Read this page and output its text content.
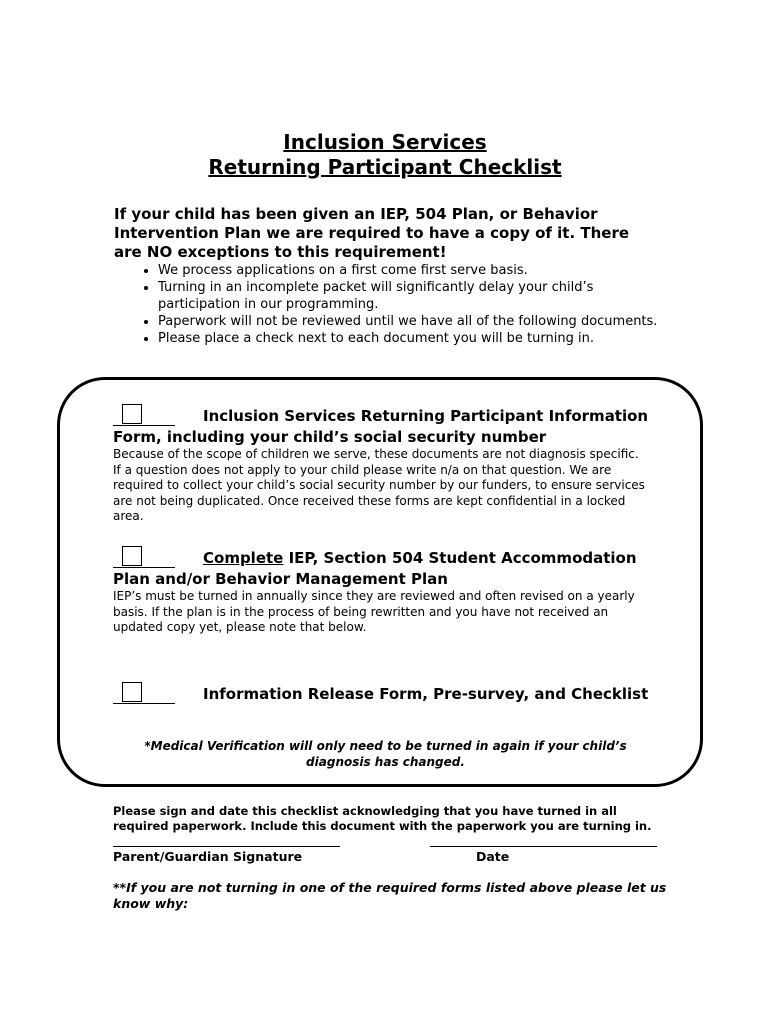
Inclusion Services
Returning Participant Checklist
If your child has been given an IEP, 504 Plan, or Behavior Intervention Plan we are required to have a copy of it. There are NO exceptions to this requirement!
• We process applications on a first come first serve basis.
• Turning in an incomplete packet will significantly delay your child’s participation in our programming.
• Paperwork will not be reviewed until we have all of the following documents.
• Please place a check next to each document you will be turning in.
Inclusion Services Returning Participant Information
Form, including your child’s social security number
Because of the scope of children we serve, these documents are not diagnosis specific. If a question does not apply to your child please write n/a on that question. We are required to collect your child’s social security number by our funders, to ensure services are not being duplicated. Once received these forms are kept confidential in a locked area.
Complete IEP, Section 504 Student Accommodation
Plan and/or Behavior Management Plan
IEP’s must be turned in annually since they are reviewed and often revised on a yearly basis. If the plan is in the process of being rewritten and you have not received an updated copy yet, please note that below.
Information Release Form, Pre-survey, and Checklist
*Medical Verification will only need to be turned in again if your child’s diagnosis has changed.
Please sign and date this checklist acknowledging that you have turned in all required paperwork. Include this document with the paperwork you are turning in.
Parent/Guardian Signature	Date
**If you are not turning in one of the required forms listed above please let us know why:
